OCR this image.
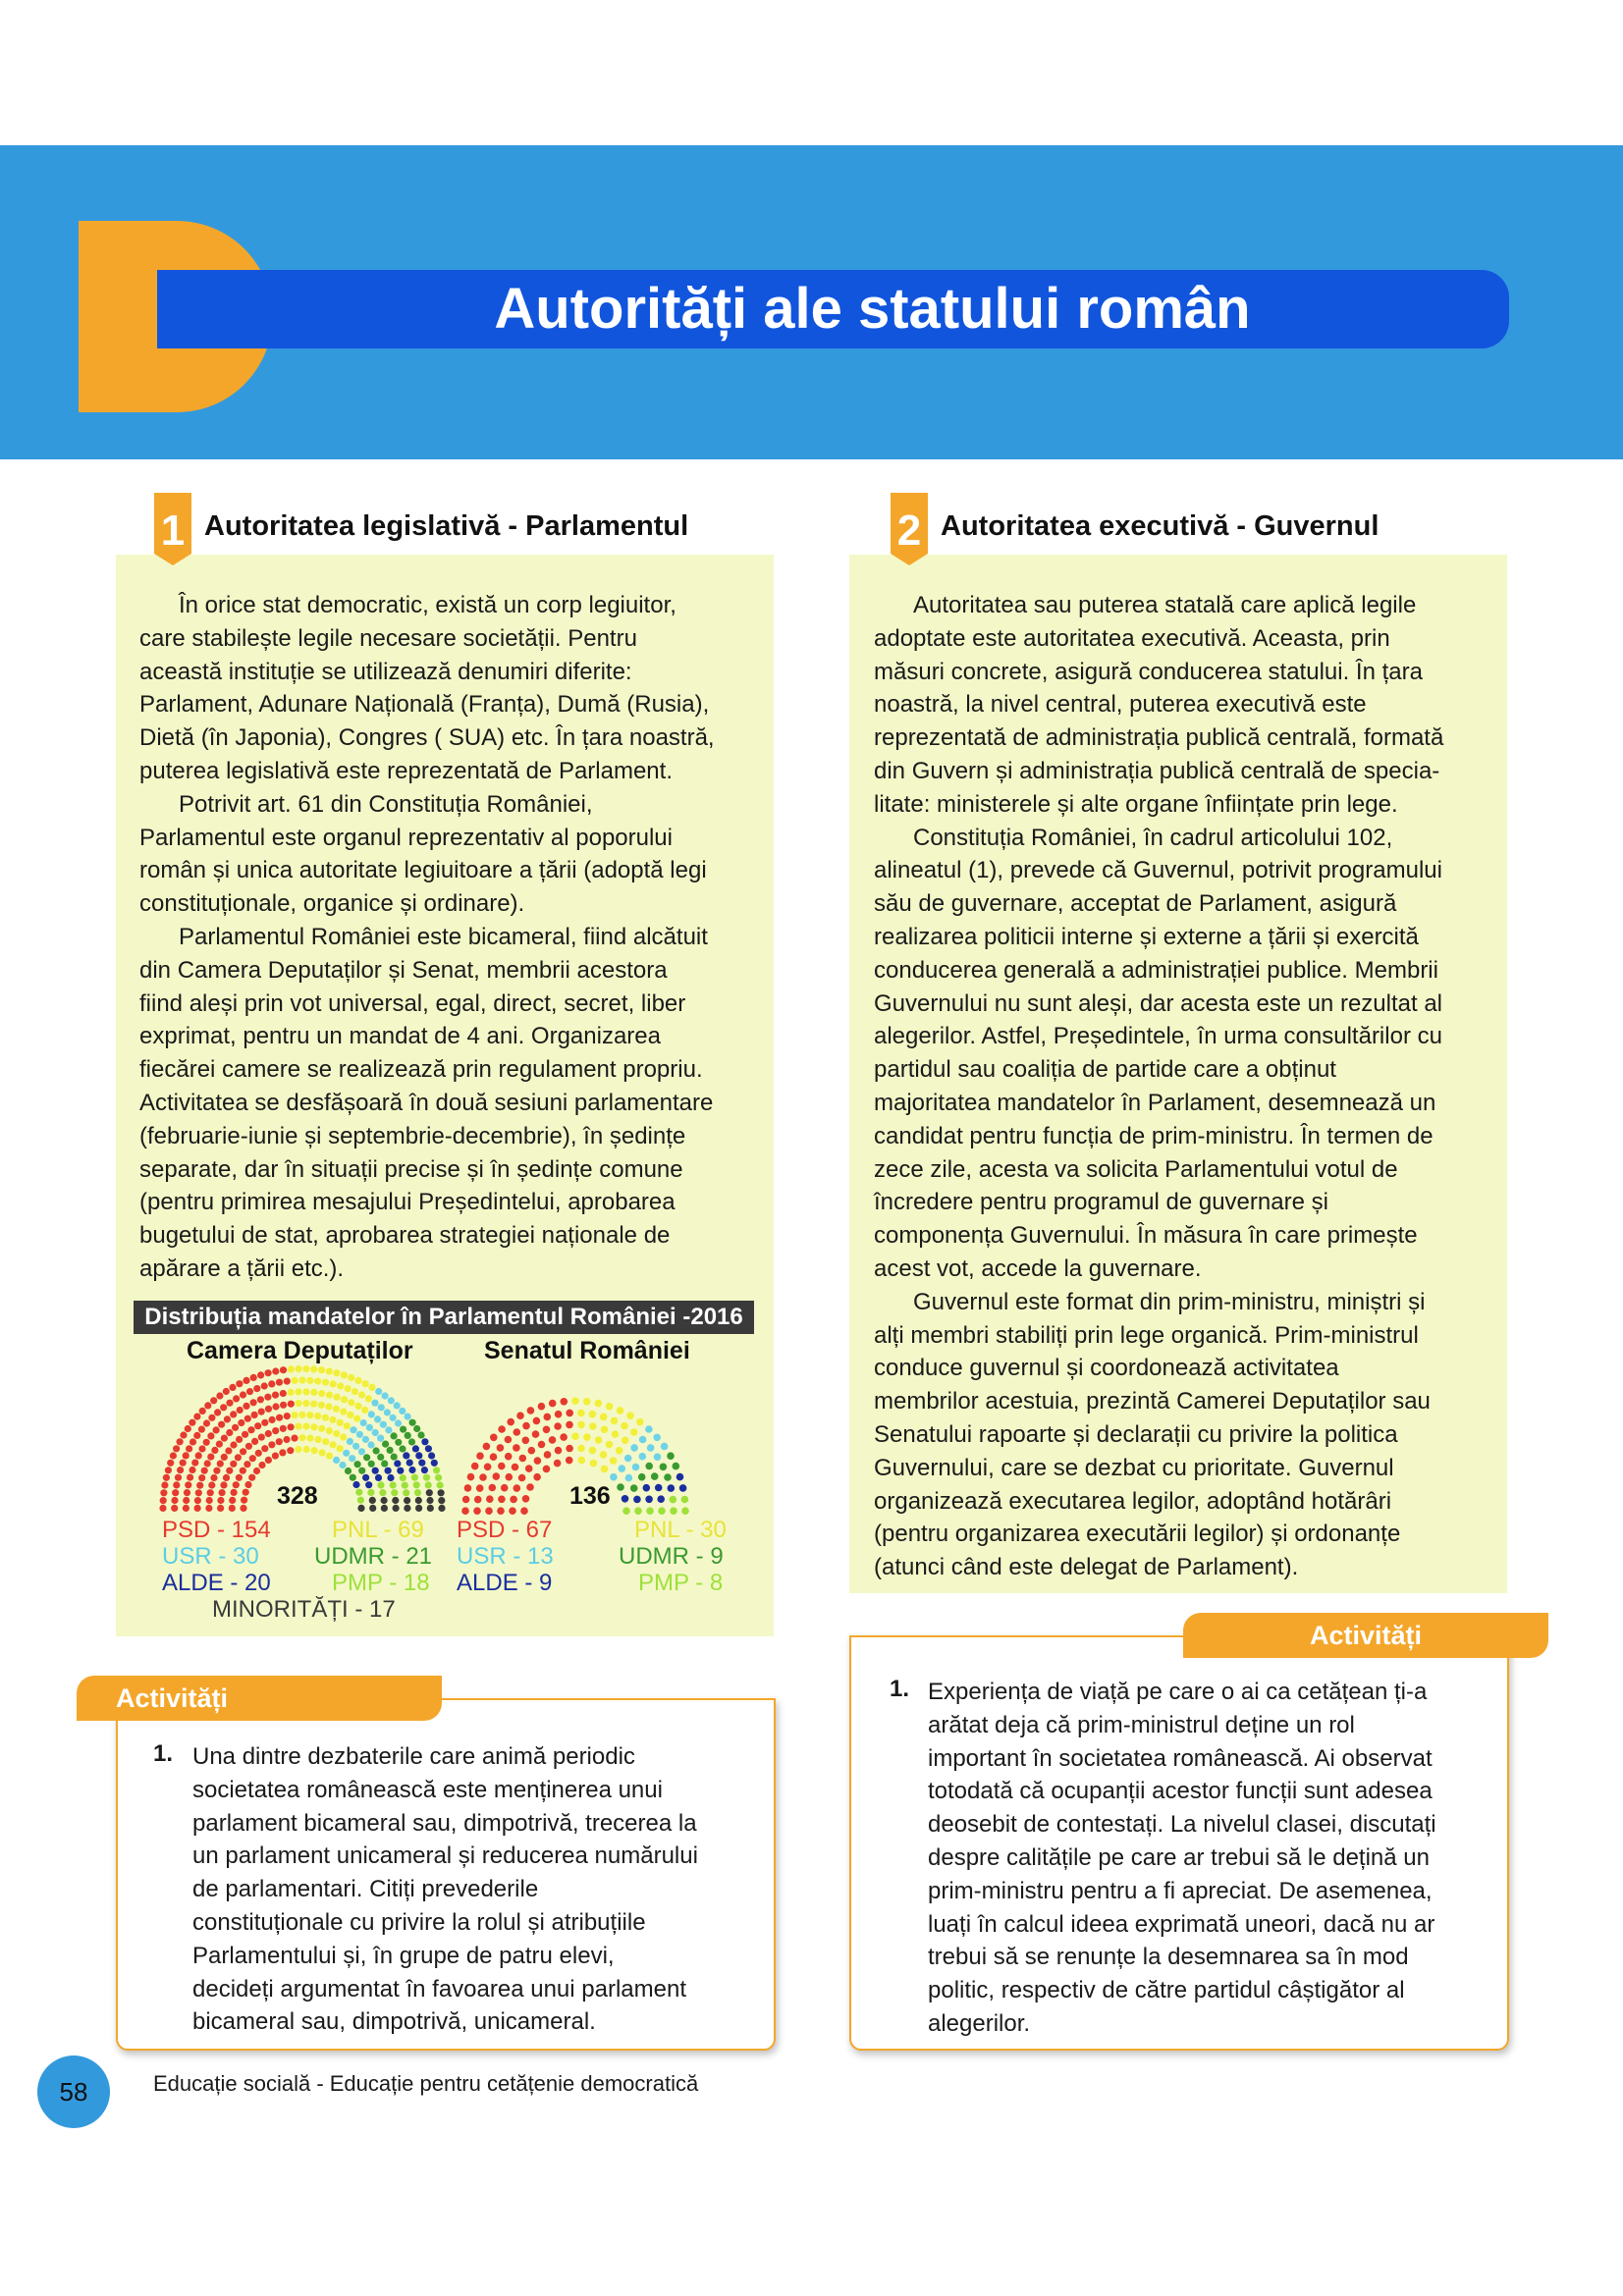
Autorități ale statului român
1 Autoritatea legislativă - Parlamentul

În orice stat democratic, există un corp legiuitor,

care stabilește legile necesare societății. Pentru

această instituție se utilizează denumiri diferite:

Parlament, Adunare Națională (Franța), Dumă (Rusia),

Dietă (în Japonia), Congres ( SUA) etc. În țara noastră,

puterea legislativă este reprezentată de Parlament.

Potrivit art. 61 din Constituția României,

Parlamentul este organul reprezentativ al poporului

român și unica autoritate legiuitoare a țării (adoptă legi

constituționale, organice și ordinare).

Parlamentul României este bicameral, fiind alcătuit

din Camera Deputaților și Senat, membrii acestora

fiind aleși prin vot universal, egal, direct, secret, liber

exprimat, pentru un mandat de 4 ani. Organizarea

fiecărei camere se realizează prin regulament propriu.

Activitatea se desfășoară în două sesiuni parlamentare

(februarie-iunie și septembrie-decembrie), în ședințe

separate, dar în situații precise și în ședințe comune

(pentru primirea mesajului Președintelui, aprobarea

bugetului de stat, aprobarea strategiei naționale de

apărare a țării etc.).

Distribuția mandatelor în Parlamentul României -2016
Camera Deputaților	Senatul României
328	136
PSD - 154	PNL - 69
USR - 30 UDMR - 21
ALDE - 20	PMP - 18
MINORITĂȚI - 17
PSD - 67	PNL - 30
USR - 13	UDMR - 9
ALDE - 9	PMP - 8
2 Autoritatea executivă - Guvernul

Autoritatea sau puterea statală care aplică legile

adoptate este autoritatea executivă. Aceasta, prin

măsuri concrete, asigură conducerea statului. În țara

noastră, la nivel central, puterea executivă este

reprezentată de administrația publică centrală, formată

din Guvern și administrația publică centrală de specia-

litate: ministerele și alte organe înființate prin lege.

Constituția României, în cadrul articolului 102,

alineatul (1), prevede că Guvernul, potrivit programului

său de guvernare, acceptat de Parlament, asigură

realizarea politicii interne și externe a țării și exercită

conducerea generală a administrației publice. Membrii

Guvernului nu sunt aleși, dar acesta este un rezultat al

alegerilor. Astfel, Președintele, în urma consultărilor cu

partidul sau coaliția de partide care a obținut

majoritatea mandatelor în Parlament, desemnează un

candidat pentru funcția de prim-ministru. În termen de

zece zile, acesta va solicita Parlamentului votul de

încredere pentru programul de guvernare și

componența Guvernului. În măsura în care primește

acest vot, accede la guvernare.

Guvernul este format din prim-ministru, miniștri și

alți membri stabiliți prin lege organică. Prim-ministrul

conduce guvernul și coordonează activitatea

membrilor acestuia, prezintă Camerei Deputaților sau

Senatului rapoarte și declarații cu privire la politica

Guvernului, care se dezbat cu prioritate. Guvernul

organizează executarea legilor, adoptând hotărâri

(pentru organizarea executării legilor) și ordonanțe

(atunci când este delegat de Parlament).

Activități
1. Una dintre dezbaterile care animă periodic
societatea românească este menținerea unui
parlament bicameral sau, dimpotrivă, trecerea la
un parlament unicameral și reducerea numărului
de parlamentari. Citiți prevederile
constituționale cu privire la rolul și atribuțiile
Parlamentului și, în grupe de patru elevi,
decideți argumentat în favoarea unui parlament
bicameral sau, dimpotrivă, unicameral.
Activități
1. Experiența de viață pe care o ai ca cetățean ți-a
arătat deja că prim-ministrul deține un rol
important în societatea românească. Ai observat
totodată că ocupanții acestor funcții sunt adesea
deosebit de contestați. La nivelul clasei, discutați
despre calitățile pe care ar trebui să le dețină un
prim-ministru pentru a fi apreciat. De asemenea,
luați în calcul ideea exprimată uneori, dacă nu ar
trebui să se renunțe la desemnarea sa în mod
politic, respectiv de către partidul câștigător al
alegerilor.
58	Educație socială - Educație pentru cetățenie democratică
